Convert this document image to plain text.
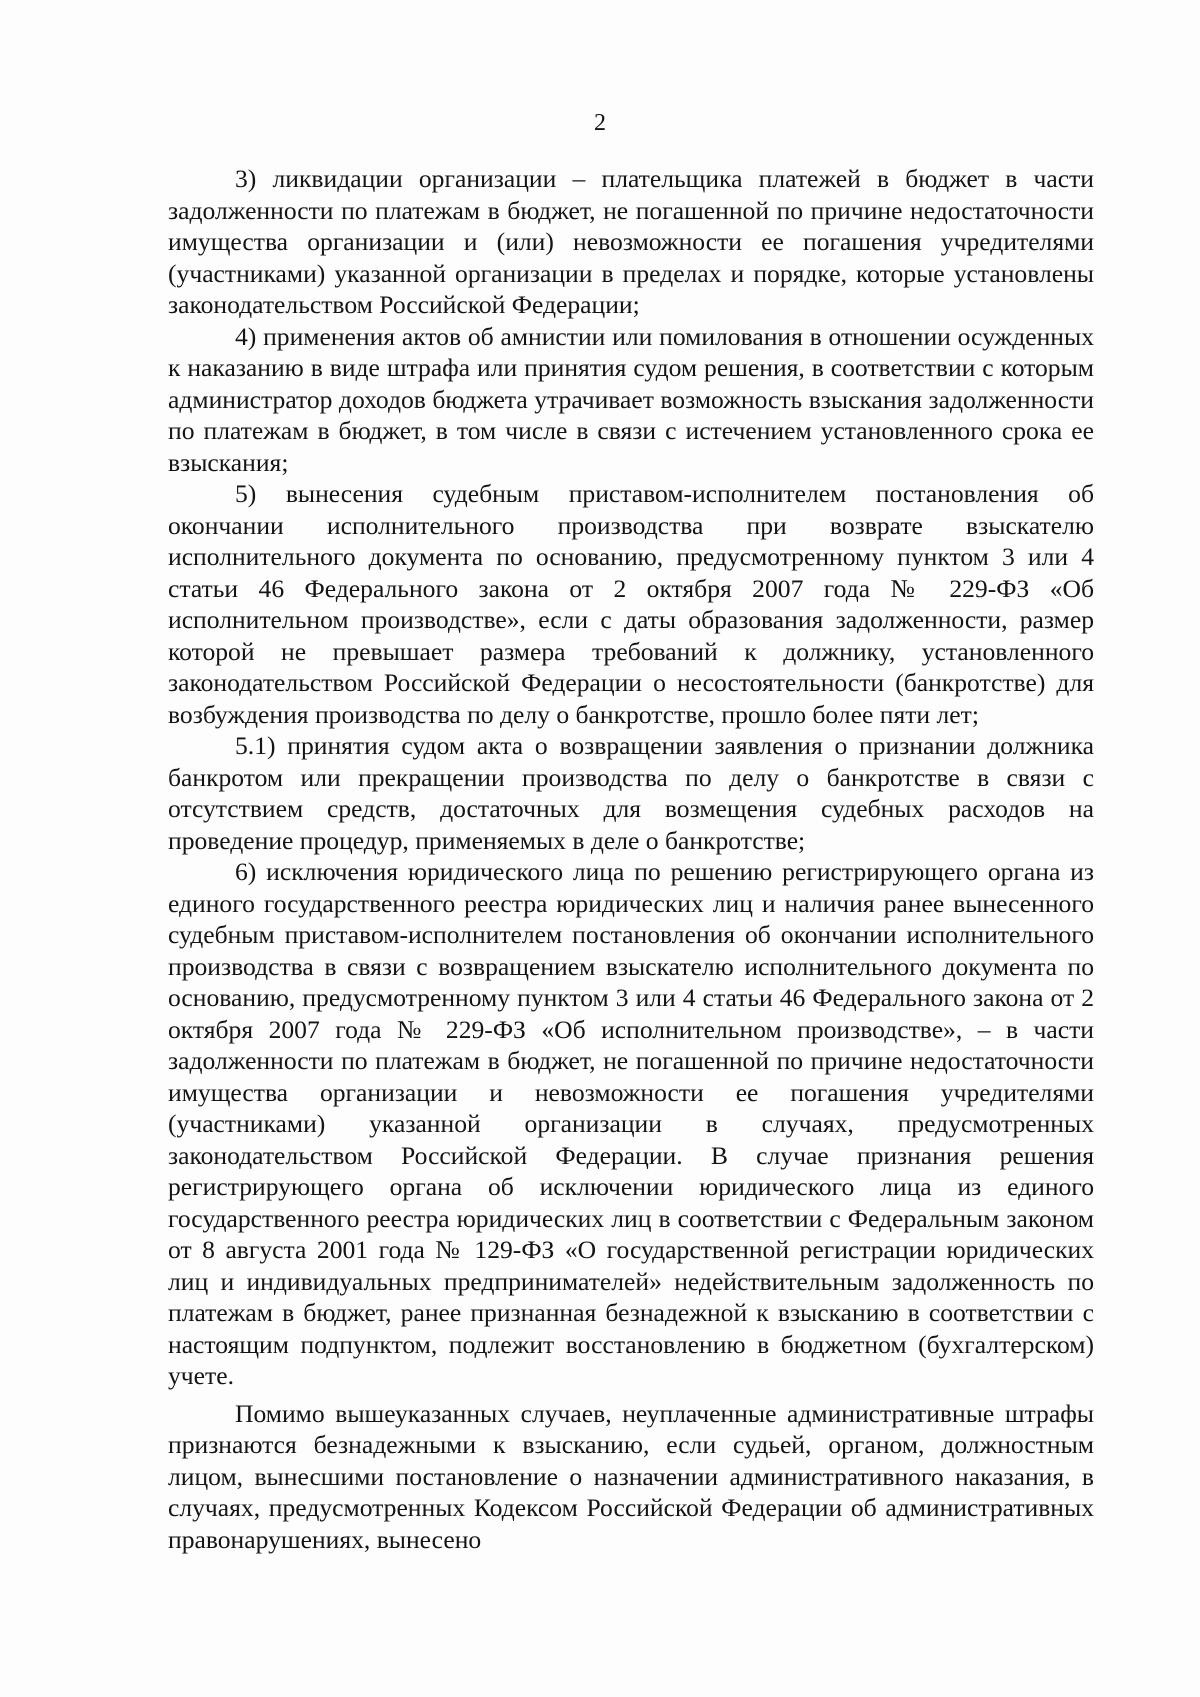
2

3) ликвидации организации – плательщика платежей в бюджет в части задолженности по платежам в бюджет, не погашенной по причине недостаточности имущества организации и (или) невозможности ее погашения учредителями (участниками) указанной организации в пределах и порядке, которые установлены законодательством Российской Федерации;

4) применения актов об амнистии или помилования в отношении осужденных к наказанию в виде штрафа или принятия судом решения, в соответствии с которым администратор доходов бюджета утрачивает возможность взыскания задолженности по платежам в бюджет, в том числе в связи с истечением установленного срока ее взыскания;

5) вынесения судебным приставом-исполнителем постановления об окончании исполнительного производства при возврате взыскателю исполнительного документа по основанию, предусмотренному пунктом 3 или 4 статьи 46 Федерального закона от 2 октября 2007 года № 229-ФЗ «Об исполнительном производстве», если с даты образования задолженности, размер которой не превышает размера требований к должнику, установленного законодательством Российской Федерации о несостоятельности (банкротстве) для возбуждения производства по делу о банкротстве, прошло более пяти лет;

5.1) принятия судом акта о возвращении заявления о признании должника банкротом или прекращении производства по делу о банкротстве в связи с отсутствием средств, достаточных для возмещения судебных расходов на проведение процедур, применяемых в деле о банкротстве;

6) исключения юридического лица по решению регистрирующего органа из единого государственного реестра юридических лиц и наличия ранее вынесенного судебным приставом-исполнителем постановления об окончании исполнительного производства в связи с возвращением взыскателю исполнительного документа по основанию, предусмотренному пунктом 3 или 4 статьи 46 Федерального закона от 2 октября 2007 года № 229-ФЗ «Об исполнительном производстве», – в части задолженности по платежам в бюджет, не погашенной по причине недостаточности имущества организации и невозможности ее погашения учредителями (участниками) указанной организации в случаях, предусмотренных законодательством Российской Федерации. В случае признания решения регистрирующего органа об исключении юридического лица из единого государственного реестра юридических лиц в соответствии с Федеральным законом от 8 августа 2001 года № 129-ФЗ «О государственной регистрации юридических лиц и индивидуальных предпринимателей» недействительным задолженность по платежам в бюджет, ранее признанная безнадежной к взысканию в соответствии с настоящим подпунктом, подлежит восстановлению в бюджетном (бухгалтерском) учете.

Помимо вышеуказанных случаев, неуплаченные административные штрафы признаются безнадежными к взысканию, если судьей, органом, должностным лицом, вынесшими постановление о назначении административного наказания, в случаях, предусмотренных Кодексом Российской Федерации об административных правонарушениях, вынесено
